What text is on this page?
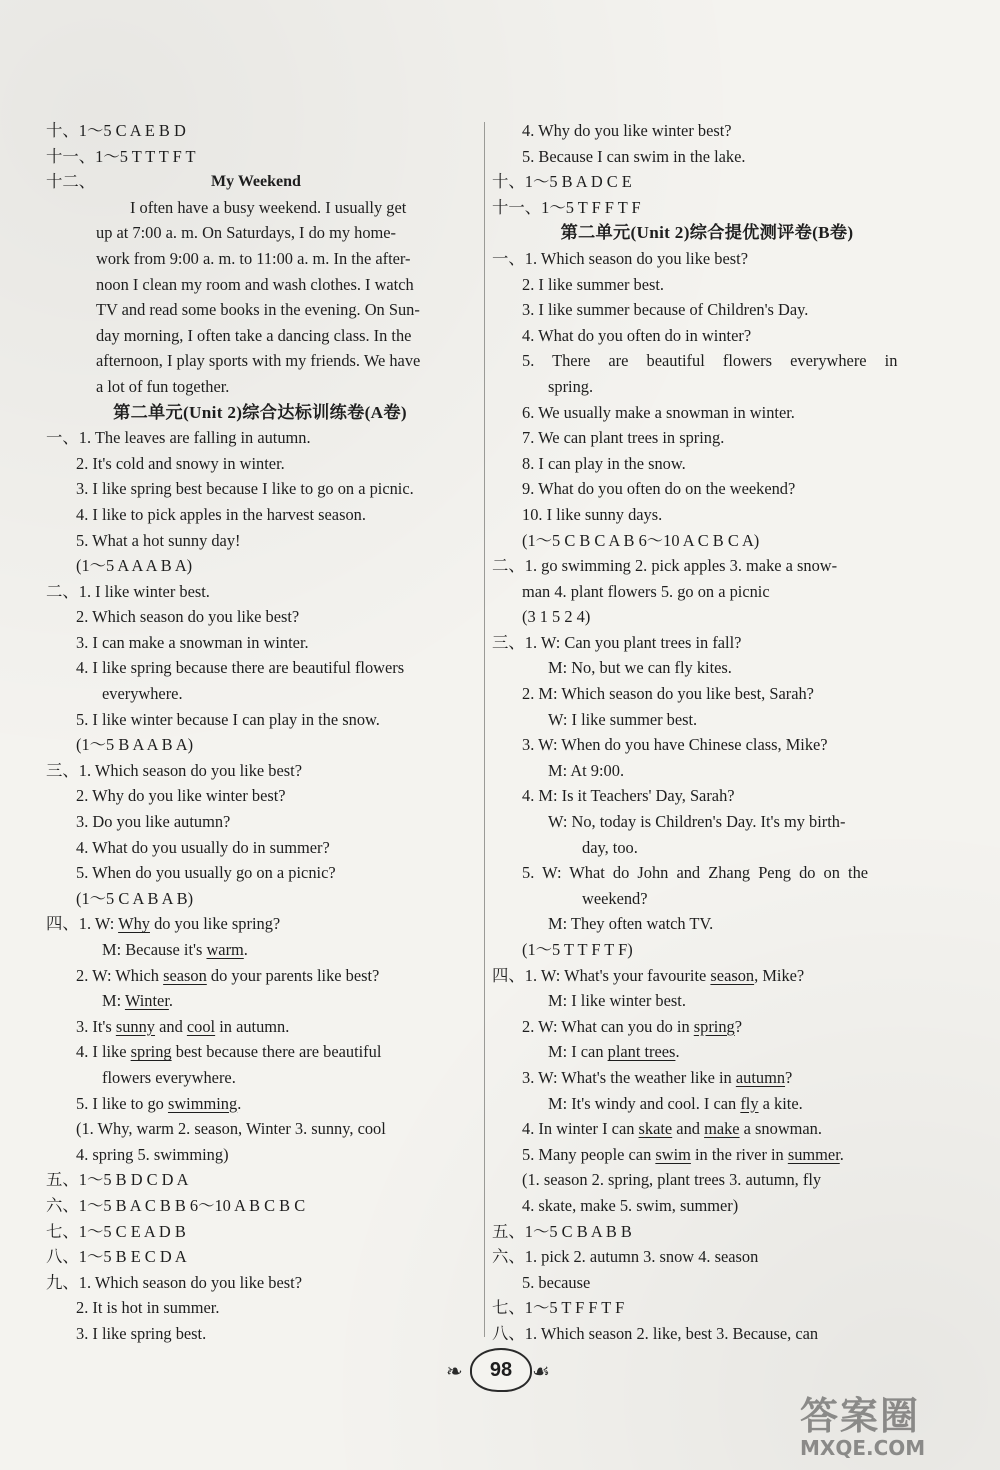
十、1～5 C A E B D
十一、1～5 T T T F T
十二、	My Weekend
I often have a busy weekend. I usually get
up at 7:00 a. m. On Saturdays, I do my home-
work from 9:00 a. m. to 11:00 a. m. In the after-
noon I clean my room and wash clothes. I watch
TV and read some books in the evening. On Sun-
day morning, I often take a dancing class. In the
afternoon, I play sports with my friends. We have
a lot of fun together.
第二单元(Unit 2)综合达标训练卷(A卷)
一、1. The leaves are falling in autumn.
2. It's cold and snowy in winter.
3. I like spring best because I like to go on a picnic.
4. I like to pick apples in the harvest season.
5. What a hot sunny day!
(1～5 A A A B A)
二、1. I like winter best.
2. Which season do you like best?
3. I can make a snowman in winter.
4. I like spring because there are beautiful flowers
everywhere.
5. I like winter because I can play in the snow.
(1～5 B A A B A)
三、1. Which season do you like best?
2. Why do you like winter best?
3. Do you like autumn?
4. What do you usually do in summer?
5. When do you usually go on a picnic?
(1～5 C A B A B)
四、1. W: Why do you like spring?
M: Because it's warm.
2. W: Which season do your parents like best?
M: Winter.
3. It's sunny and cool in autumn.
4. I like spring best because there are beautiful
flowers everywhere.
5. I like to go swimming.
(1. Why, warm 2. season, Winter 3. sunny, cool
4. spring 5. swimming)
五、1～5 B D C D A
六、1～5 B A C B B 6～10 A B C B C
七、1～5 C E A D B
八、1～5 B E C D A
九、1. Which season do you like best?
2. It is hot in summer.
3. I like spring best.
4. Why do you like winter best?
5. Because I can swim in the lake.
十、1～5 B A D C E
十一、1～5 T F F T F
第二单元(Unit 2)综合提优测评卷(B卷)
一、1. Which season do you like best?
2. I like summer best.
3. I like summer because of Children's Day.
4. What do you often do in winter?
5. There are beautiful flowers everywhere in
spring.
6. We usually make a snowman in winter.
7. We can plant trees in spring.
8. I can play in the snow.
9. What do you often do on the weekend?
10. I like sunny days.
(1～5 C B C A B 6～10 A C B C A)
二、1. go swimming 2. pick apples 3. make a snow-
man 4. plant flowers 5. go on a picnic
(3 1 5 2 4)
三、1. W: Can you plant trees in fall?
M: No, but we can fly kites.
2. M: Which season do you like best, Sarah?
W: I like summer best.
3. W: When do you have Chinese class, Mike?
M: At 9:00.
4. M: Is it Teachers' Day, Sarah?
W: No, today is Children's Day. It's my birth-
day, too.
5. W: What do John and Zhang Peng do on the
weekend?
M: They often watch TV.
(1～5 T T F T F)
四、1. W: What's your favourite season, Mike?
M: I like winter best.
2. W: What can you do in spring?
M: I can plant trees.
3. W: What's the weather like in autumn?
M: It's windy and cool. I can fly a kite.
4. In winter I can skate and make a snowman.
5. Many people can swim in the river in summer.
(1. season 2. spring, plant trees 3. autumn, fly
4. skate, make 5. swim, summer)
五、1～5 C B A B B
六、1. pick 2. autumn 3. snow 4. season
5. because
七、1～5 T F F T F
八、1. Which season 2. like, best 3. Because, can
❧	98 ☙
答案圈
MXQE.COM
